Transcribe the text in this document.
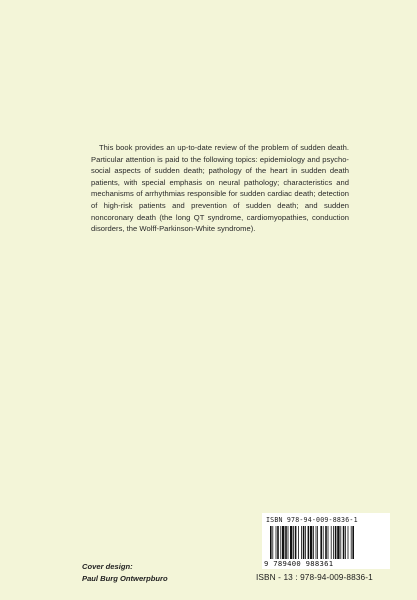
This book provides an up-to-date review of the problem of sudden death. Particular attention is paid to the following topics: epidemiology and psycho-social aspects of sudden death; pathology of the heart in sudden death patients, with special emphasis on neural pathology; characteristics and mechanisms of arrhythmias responsible for sudden cardiac death; detection of high-risk patients and prevention of sudden death; and sudden noncoronary death (the long QT syndrome, cardiomyopathies, conduction disorders, the Wolff-Parkinson-White syndrome).

ISBN 978-94-009-8836-1
9 789400 988361
ISBN - 13 : 978-94-009-8836-1
Cover design:
Paul Burg Ontwerpburo
